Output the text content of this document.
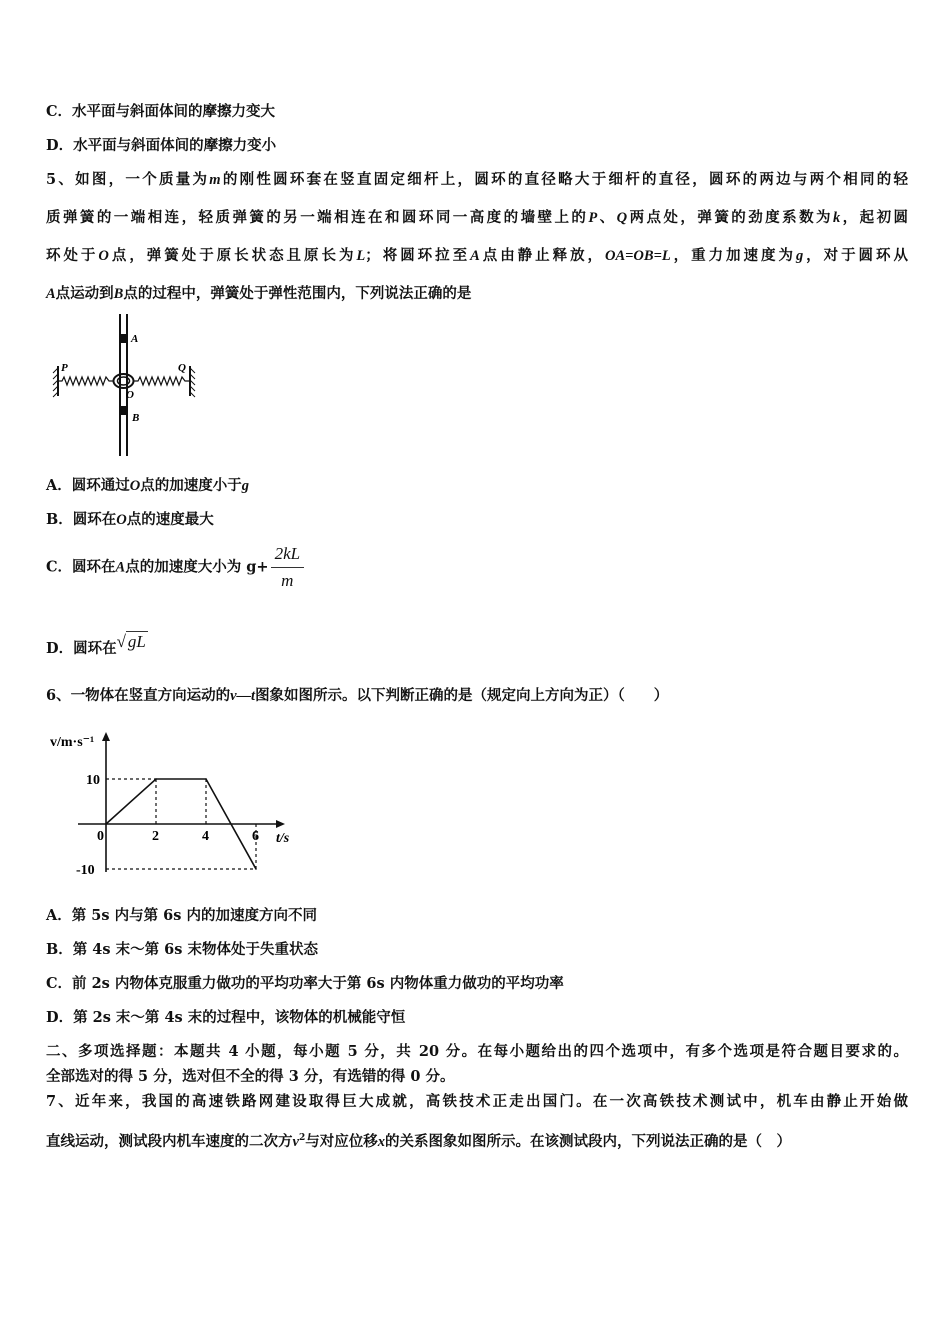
C．水平面与斜面体间的摩擦力变大
D．水平面与斜面体间的摩擦力变小
5、如图，一个质量为m的刚性圆环套在竖直固定细杆上，圆环的直径略大于细杆的直径，圆环的两边与两个相同的轻
质弹簧的一端相连，轻质弹簧的另一端相连在和圆环同一高度的墙壁上的P、Q两点处，弹簧的劲度系数为k，起初圆
环处于O点，弹簧处于原长状态且原长为L；将圆环拉至A点由静止释放，OA=OB=L，重力加速度为g，对于圆环从
A点运动到B点的过程中，弹簧处于弹性范围内，下列说法正确的是
A
O
B
P	Q
A．圆环通过O点的加速度小于g
B．圆环在O点的速度最大
C．圆环在A点的加速度大小为 $g+ \frac{2kL}{m}$
D．圆环在√ gL
6、一物体在竖直方向运动的v—t图象如图所示。以下判断正确的是（规定向上方向为正）（　　）
v/m·s⁻¹
t/s
0	2	4	6
10
-10
A．第 5s 内与第 6s 内的加速度方向不同
B．第 4s 末～第 6s 末物体处于失重状态
C．前 2s 内物体克服重力做功的平均功率大于第 6s 内物体重力做功的平均功率
D．第 2s 末～第 4s 末的过程中，该物体的机械能守恒
二、多项选择题：本题共 4 小题，每小题 5 分，共 20 分。在每小题给出的四个选项中，有多个选项是符合题目要求的。
全部选对的得 5 分，选对但不全的得 3 分，有选错的得 0 分。
7、近年来，我国的高速铁路网建设取得巨大成就，高铁技术正走出国门。在一次高铁技术测试中，机车由静止开始做
直线运动，测试段内机车速度的二次方$v^2$与对应位移x的关系图象如图所示。在该测试段内，下列说法正确的是（　）
